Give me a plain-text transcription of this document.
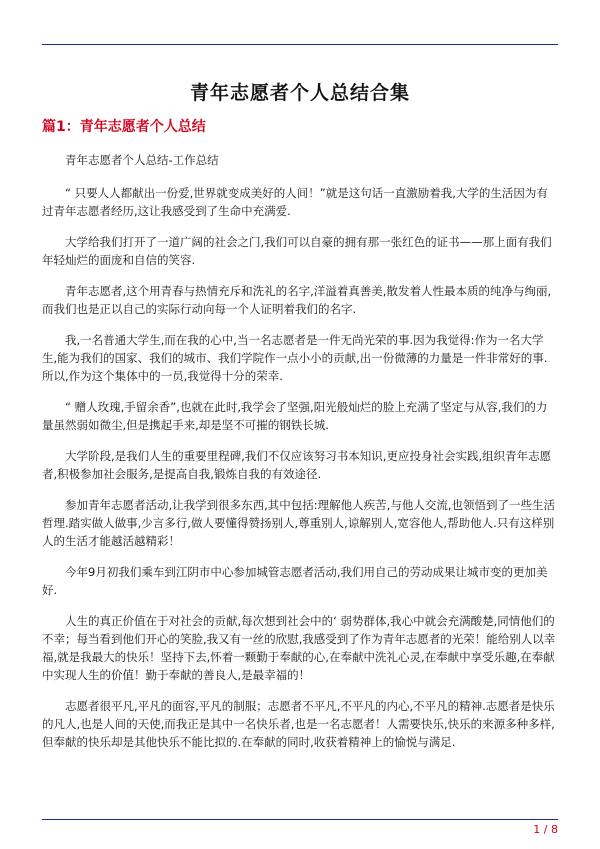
青年志愿者个人总结合集
篇1：青年志愿者个人总结

青年志愿者个人总结-工作总结

“ 只要人人都献出一份爱,世界就变成美好的人间！”就是这句话一直激励着我,大学的生活因为有过青年志愿者经历,这让我感受到了生命中充满爱.

大学给我们打开了一道广阔的社会之门,我们可以自豪的拥有那一张红色的证书——那上面有我们年轻灿烂的面庞和自信的笑容.

青年志愿者,这个用青春与热情充斥和洗礼的名字,洋溢着真善美,散发着人性最本质的纯净与绚丽,而我们也是正以自己的实际行动向每一个人证明着我们的名字.

我,一名普通大学生,而在我的心中,当一名志愿者是一件无尚光荣的事.因为我觉得:作为一名大学生,能为我们的国家、我们的城市、我们学院作一点小小的贡献,出一份微薄的力量是一件非常好的事.所以,作为这个集体中的一员,我觉得十分的荣幸.

“ 赠人玫瑰,手留余香”,也就在此时,我学会了坚强,阳光般灿烂的脸上充满了坚定与从容,我们的力量虽然弱如微尘,但是携起手来,却是坚不可摧的钢铁长城.

大学阶段,是我们人生的重要里程碑,我们不仅应该努习书本知识,更应投身社会实践,组织青年志愿者,积极参加社会服务,是提高自我,锻炼自我的有效途径.

参加青年志愿者活动,让我学到很多东西,其中包括:理解他人疾苦,与他人交流,也领悟到了一些生活哲理.踏实做人做事,少言多行,做人要懂得赞扬别人,尊重别人,谅解别人,宽容他人,帮助他人.只有这样别人的生活才能越活越精彩！

今年9月初我们乘车到江阴市中心参加城管志愿者活动,我们用自己的劳动成果让城市变的更加美好.

人生的真正价值在于对社会的贡献,每次想到社会中的‘ 弱势群体,我心中就会充满酸楚,同情他们的不幸；每当看到他们开心的笑脸,我又有一丝的欣慰,我感受到了作为青年志愿者的光荣！能给别人以幸福,就是我最大的快乐！坚持下去,怀着一颗勤于奉献的心,在奉献中洗礼心灵,在奉献中享受乐趣,在奉献中实现人生的价值！勤于奉献的善良人,是最幸福的！

志愿者很平凡,平凡的面容,平凡的制服；志愿者不平凡,不平凡的内心,不平凡的精神.志愿者是快乐的凡人,也是人间的天使,而我正是其中一名快乐者,也是一名志愿者！人需要快乐,快乐的来源多种多样,但奉献的快乐却是其他快乐不能比拟的.在奉献的同时,收获着精神上的愉悦与满足.

1 / 8
